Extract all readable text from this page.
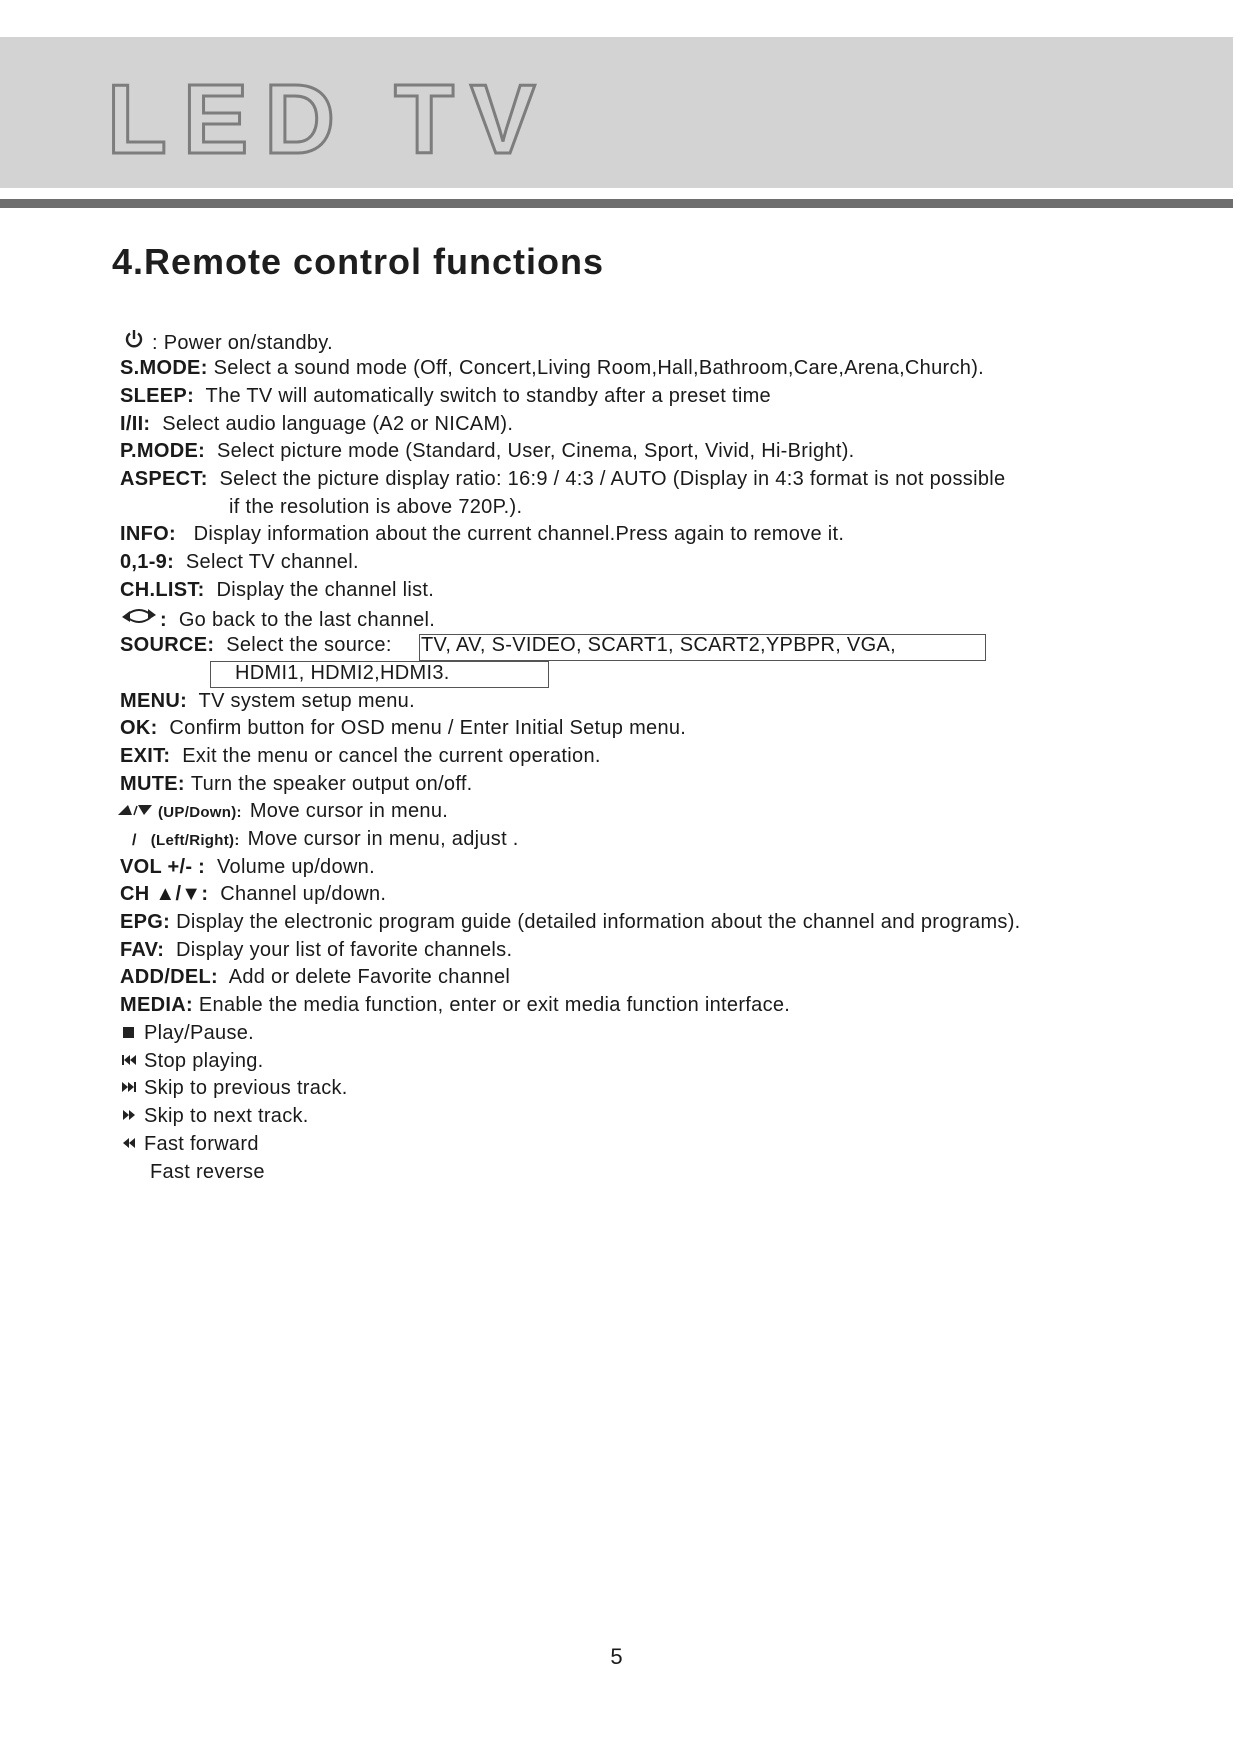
LED TV
4.Remote control functions
: Power on/standby.
S.MODE: Select a sound mode (Off, Concert,Living Room,Hall,Bathroom,Care,Arena,Church).
SLEEP: The TV will automatically switch to standby after a preset time
I/II: Select audio language (A2 or NICAM).
P.MODE: Select picture mode (Standard, User, Cinema, Sport, Vivid, Hi-Bright).
ASPECT: Select the picture display ratio: 16:9 / 4:3 / AUTO (Display in 4:3 format is not possible
if the resolution is above 720P.).
INFO: Display information about the current channel.Press again to remove it.
0,1-9: Select TV channel.
CH.LIST: Display the channel list.
: Go back to the last channel.
SOURCE: Select the source: TV, AV, S-VIDEO, SCART1, SCART2,YPBPR, VGA,
HDMI1, HDMI2,HDMI3.
MENU: TV system setup menu.
OK: Confirm button for OSD menu / Enter Initial Setup menu.
EXIT: Exit the menu or cancel the current operation.
MUTE: Turn the speaker output on/off.
(UP/Down): Move cursor in menu.
/ (Left/Right): Move cursor in menu, adjust .
VOL +/- : Volume up/down.
CH ▲/▼: Channel up/down.
EPG: Display the electronic program guide (detailed information about the channel and programs).
FAV: Display your list of favorite channels.
ADD/DEL: Add or delete Favorite channel
MEDIA: Enable the media function, enter or exit media function interface.
Play/Pause.
Stop playing.
Skip to previous track.
Skip to next track.
Fast forward
Fast reverse
5
